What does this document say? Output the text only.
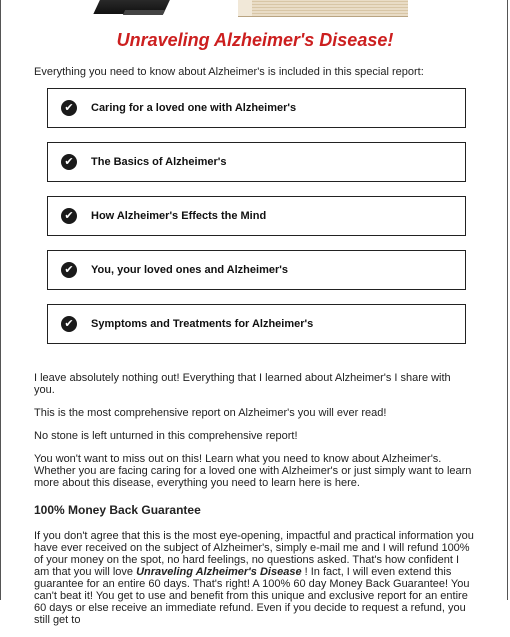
Unraveling Alzheimer's Disease!

Everything you need to know about Alzheimer's is included in this special report:

✔	Caring for a loved one with Alzheimer's
✔	The Basics of Alzheimer's
✔	How Alzheimer's Effects the Mind
✔	You, your loved ones and Alzheimer's
✔	Symptoms and Treatments for Alzheimer's

I leave absolutely nothing out! Everything that I learned about Alzheimer's I share with you.

This is the most comprehensive report on Alzheimer's you will ever read!

No stone is left unturned in this comprehensive report!

You won't want to miss out on this! Learn what you need to know about Alzheimer's. Whether you are facing caring for a loved one with Alzheimer's or just simply want to learn more about this disease, everything you need to learn here is here.

100% Money Back Guarantee

If you don't agree that this is the most eye-opening, impactful and practical information you have ever received on the subject of Alzheimer's, simply e-mail me and I will refund 100% of your money on the spot, no hard feelings, no questions asked. That's how confident I am that you will love Unraveling Alzheimer's Disease ! In fact, I will even extend this guarantee for an entire 60 days. That's right! A 100% 60 day Money Back Guarantee! You can't beat it! You get to use and benefit from this unique and exclusive report for an entire 60 days or else receive an immediate refund. Even if you decide to request a refund, you still get to
